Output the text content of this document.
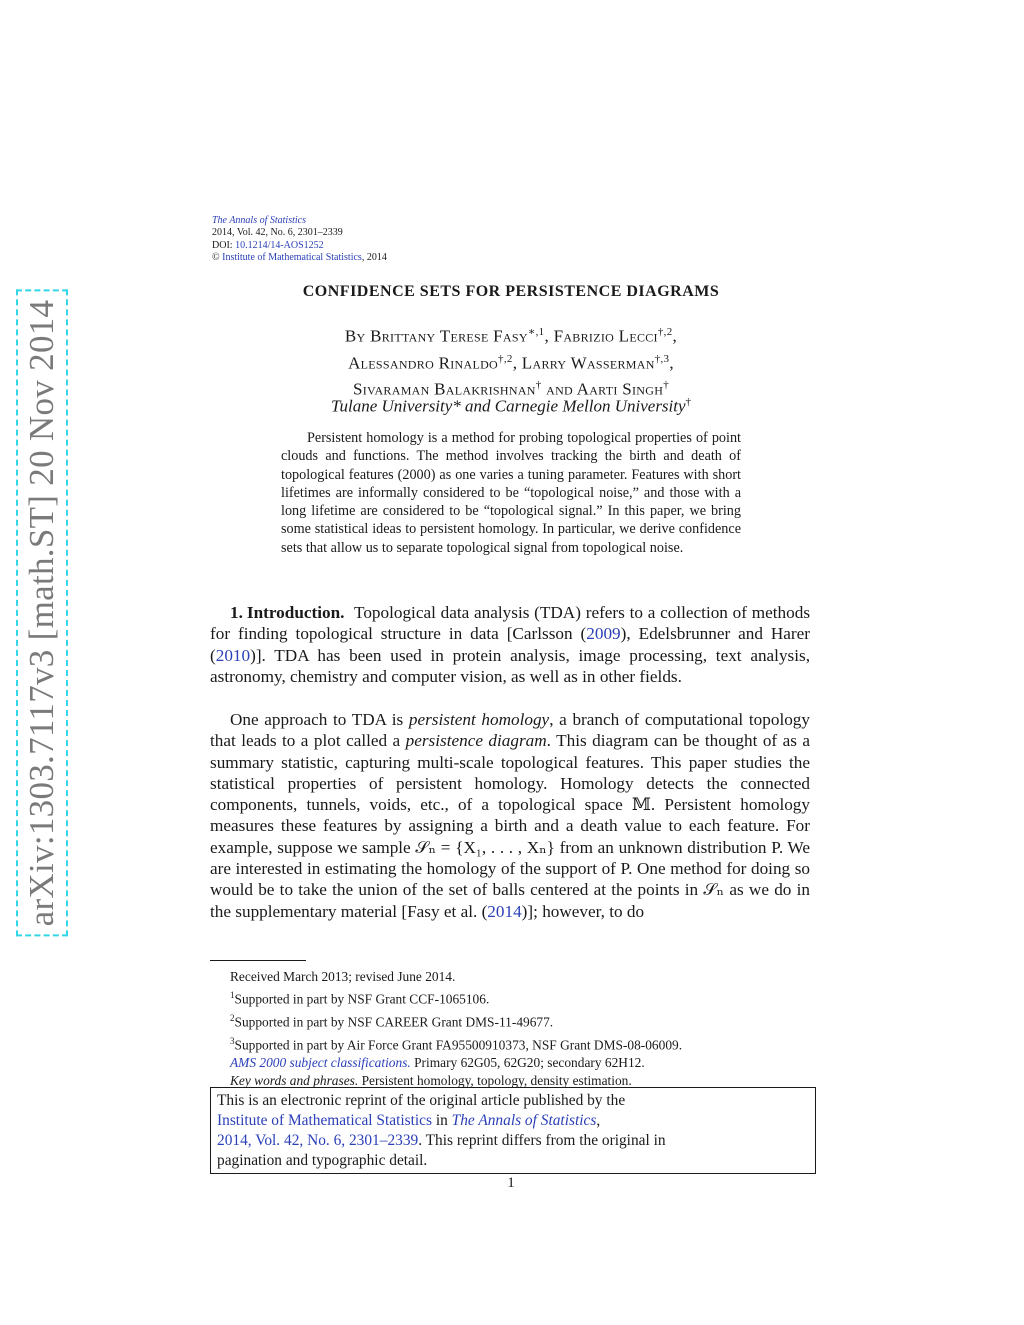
arXiv:1303.7117v3 [math.ST] 20 Nov 2014
The Annals of Statistics
2014, Vol. 42, No. 6, 2301–2339
DOI: 10.1214/14-AOS1252
© Institute of Mathematical Statistics, 2014
CONFIDENCE SETS FOR PERSISTENCE DIAGRAMS
By Brittany Terese Fasy$^{∗,1}$, Fabrizio Lecci$^{\dagger,2}$,
Alessandro Rinaldo$^{\dagger,2}$, Larry Wasserman$^{\dagger,3}$,
Sivaraman Balakrishnan† and Aarti Singh†
Tulane University* and Carnegie Mellon University†

Persistent homology is a method for probing topological properties of point clouds and functions. The method involves tracking the birth and death of topological features (2000) as one varies a tuning parameter. Features with short lifetimes are informally considered to be “topological noise,” and those with a long lifetime are considered to be “topological signal.” In this paper, we bring some statistical ideas to persistent homology. In particular, we derive confidence sets that allow us to separate topological signal from topological noise.

1. Introduction. Topological data analysis (TDA) refers to a collection of methods for finding topological structure in data [Carlsson (2009), Edelsbrunner and Harer (2010)]. TDA has been used in protein analysis, image processing, text analysis, astronomy, chemistry and computer vision, as well as in other fields.

One approach to TDA is persistent homology, a branch of computational topology that leads to a plot called a persistence diagram. This diagram can be thought of as a summary statistic, capturing multi-scale topological features. This paper studies the statistical properties of persistent homology. Homology detects the connected components, tunnels, voids, etc., of a topological space 𝕄. Persistent homology measures these features by assigning a birth and a death value to each feature. For example, suppose we sample 𝒮ₙ = {X₁, . . . , Xₙ} from an unknown distribution P. We are interested in estimating the homology of the support of P. One method for doing so would be to take the union of the set of balls centered at the points in 𝒮ₙ as we do in the supplementary material [Fasy et al. (2014)]; however, to do

Received March 2013; revised June 2014.
$^1$Supported in part by NSF Grant CCF-1065106.
$^2$Supported in part by NSF CAREER Grant DMS-11-49677.
$^3$Supported in part by Air Force Grant FA95500910373, NSF Grant DMS-08-06009.
AMS 2000 subject classifications. Primary 62G05, 62G20; secondary 62H12.
Key words and phrases. Persistent homology, topology, density estimation.
This is an electronic reprint of the original article published by the
Institute of Mathematical Statistics in The Annals of Statistics,
2014, Vol. 42, No. 6, 2301–2339. This reprint differs from the original in
pagination and typographic detail.
1
